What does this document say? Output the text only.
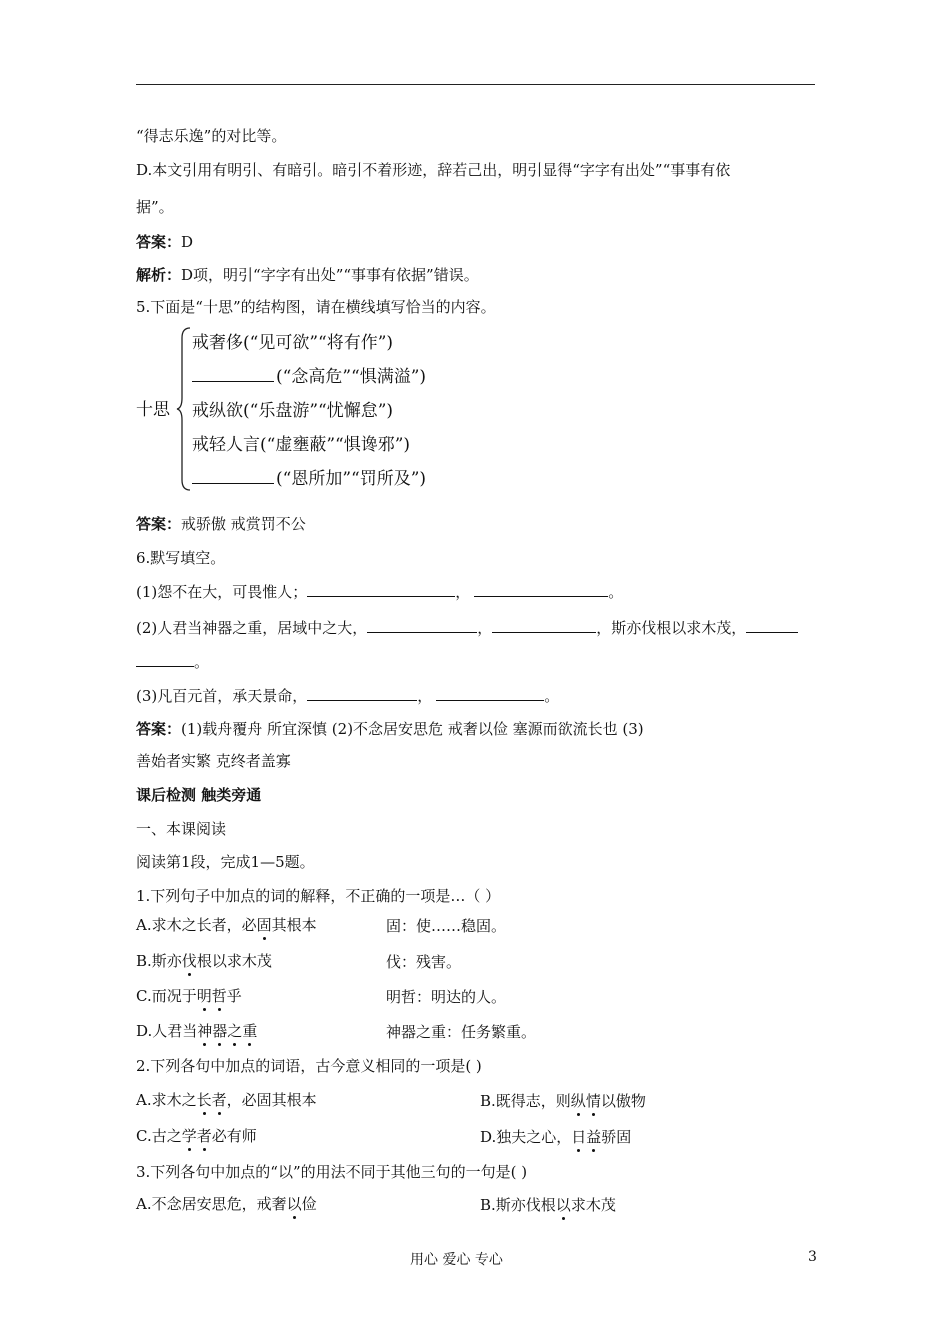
“得志乐逸”的对比等。
D.本文引用有明引、有暗引。暗引不着形迹，辞若己出，明引显得“字字有出处”“事事有依
据”。
答案：D
解析：D项，明引“字字有出处”“事事有依据”错误。
5.下面是“十思”的结构图，请在横线填写恰当的内容。
十思
戒奢侈(“见可欲”“将有作”)
(“念高危”“惧满溢”)
戒纵欲(“乐盘游”“忧懈怠”)
戒轻人言(“虚壅蔽”“惧谗邪”)
(“恩所加”“罚所及”)
答案：戒骄傲 戒赏罚不公
6.默写填空。
(1)怨不在大，可畏惟人；	，	。
(2)人君当神器之重，居域中之大，	，	，斯亦伐根以求木茂，
。
(3)凡百元首，承天景命，	，	。
答案：(1)载舟覆舟 所宜深慎 (2)不念居安思危 戒奢以俭 塞源而欲流长也 (3)
善始者实繁 克终者盖寡
课后检测 触类旁通
一、本课阅读
阅读第1段，完成1—5题。
1.下列句子中加点的词的解释，不正确的一项是…（ ）
A.求木之长者，必固其根本	固：使……稳固。
B.斯亦伐根以求木茂	伐：残害。
C.而况于明哲乎	明哲：明达的人。
D.人君当神器之重	神器之重：任务繁重。
2.下列各句中加点的词语，古今意义相同的一项是( )
A.求木之长者，必固其根本	B.既得志，则纵情以傲物
C.古之学者必有师	D.独夫之心，日益骄固
3.下列各句中加点的“以”的用法不同于其他三句的一句是( )
A.不念居安思危，戒奢以俭	B.斯亦伐根以求木茂
用心 爱心 专心	3
